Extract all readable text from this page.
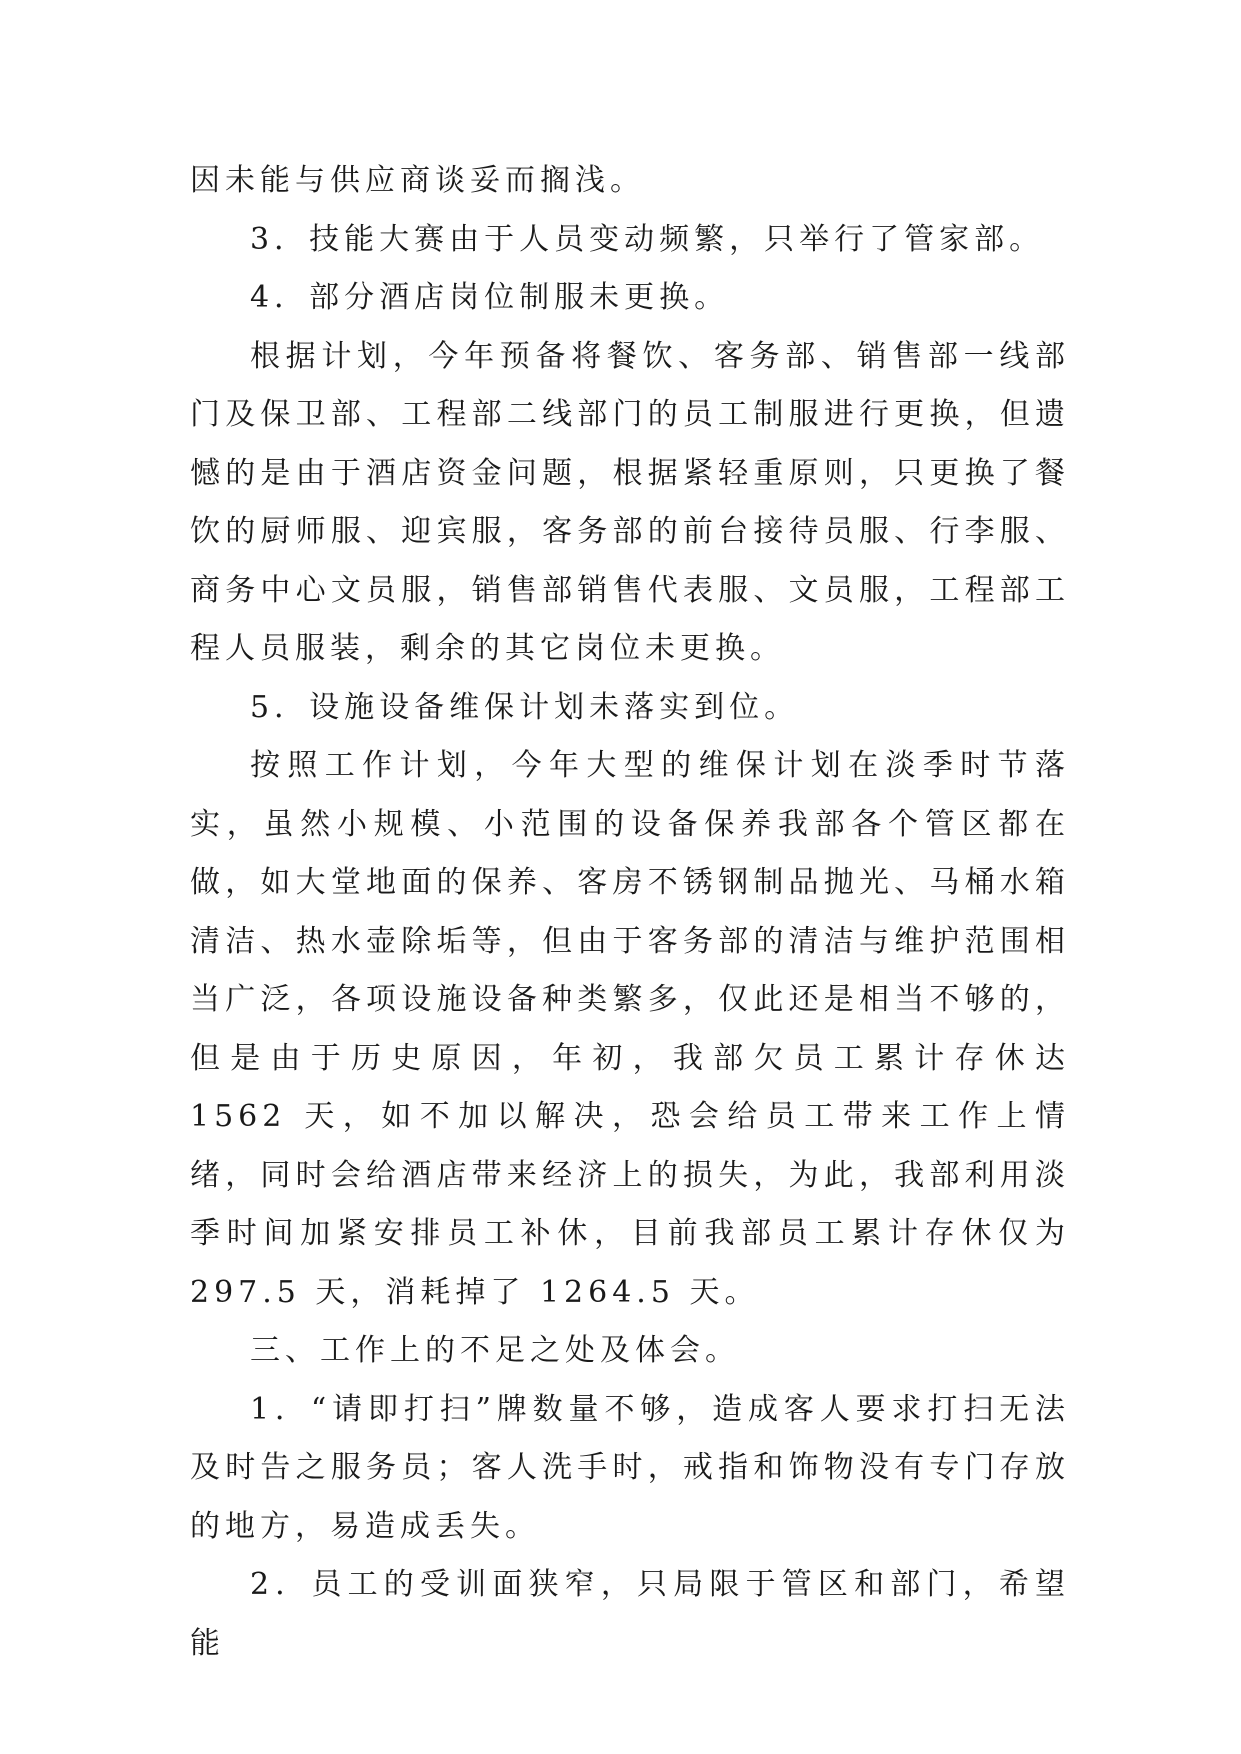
因未能与供应商谈妥而搁浅。

3．技能大赛由于人员变动频繁，只举行了管家部。

4．部分酒店岗位制服未更换。

根据计划，今年预备将餐饮、客务部、销售部一线部门及保卫部、工程部二线部门的员工制服进行更换，但遗憾的是由于酒店资金问题，根据紧轻重原则，只更换了餐饮的厨师服、迎宾服，客务部的前台接待员服、行李服、商务中心文员服，销售部销售代表服、文员服，工程部工程人员服装，剩余的其它岗位未更换。

5．设施设备维保计划未落实到位。

按照工作计划，今年大型的维保计划在淡季时节落实，虽然小规模、小范围的设备保养我部各个管区都在做，如大堂地面的保养、客房不锈钢制品抛光、马桶水箱清洁、热水壶除垢等，但由于客务部的清洁与维护范围相当广泛，各项设施设备种类繁多，仅此还是相当不够的，但是由于历史原因，年初，我部欠员工累计存休达 1562 天，如不加以解决，恐会给员工带来工作上情绪，同时会给酒店带来经济上的损失，为此，我部利用淡季时间加紧安排员工补休，目前我部员工累计存休仅为 297.5 天，消耗掉了 1264.5 天。

三、工作上的不足之处及体会。

1．“请即打扫”牌数量不够，造成客人要求打扫无法及时告之服务员；客人洗手时，戒指和饰物没有专门存放的地方，易造成丢失。

2．员工的受训面狭窄，只局限于管区和部门，希望能
